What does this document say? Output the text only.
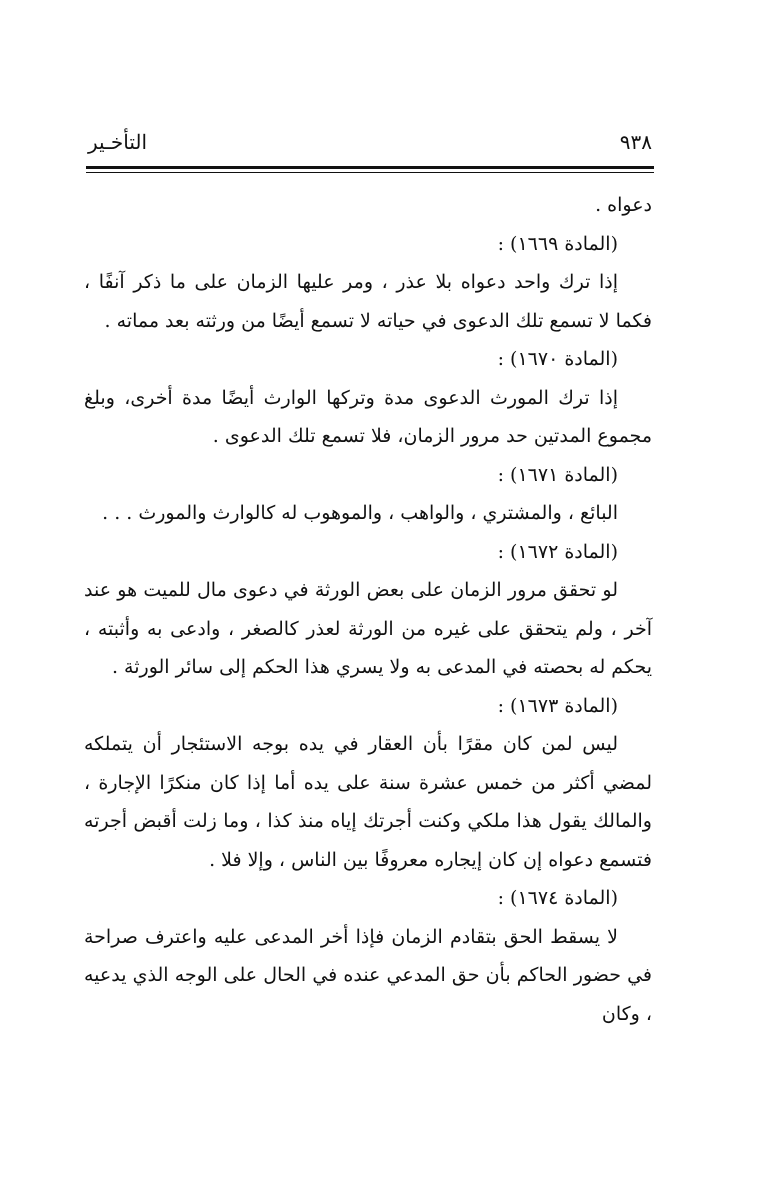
٩٣٨
التأخـير

دعواه .

(المادة ١٦٦٩) :

إذا ترك واحد دعواه بلا عذر ، ومر عليها الزمان على ما ذكر آنفًا ، فكما لا تسمع تلك الدعوى في حياته لا تسمع أيضًا من ورثته بعد مماته .

(المادة ١٦٧٠) :

إذا ترك المورث الدعوى مدة وتركها الوارث أيضًا مدة أخرى، وبلغ مجموع المدتين حد مرور الزمان، فلا تسمع تلك الدعوى .

(المادة ١٦٧١) :

البائع ، والمشتري ، والواهب ، والموهوب له كالوارث والمورث . . .

(المادة ١٦٧٢) :

لو تحقق مرور الزمان على بعض الورثة في دعوى مال للميت هو عند آخر ، ولم يتحقق على غيره من الورثة لعذر كالصغر ، وادعى به وأثبته ، يحكم له بحصته في المدعى به ولا يسري هذا الحكم إلى سائر الورثة .

(المادة ١٦٧٣) :

ليس لمن كان مقرًا بأن العقار في يده بوجه الاستئجار أن يتملكه لمضي أكثر من خمس عشرة سنة على يده أما إذا كان منكرًا الإجارة ، والمالك يقول هذا ملكي وكنت أجرتك إياه منذ كذا ، وما زلت أقبض أجرته فتسمع دعواه إن كان إيجاره معروفًا بين الناس ، وإلا فلا .

(المادة ١٦٧٤) :

لا يسقط الحق بتقادم الزمان فإذا أخر المدعى عليه واعترف صراحة في حضور الحاكم بأن حق المدعي عنده في الحال على الوجه الذي يدعيه ، وكان
